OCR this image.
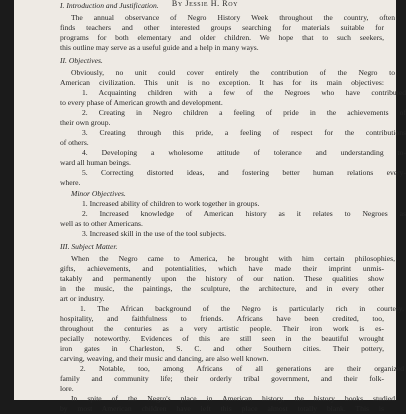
By Jessie H. Roy
I. Introduction and Justification.
The annual observance of Negro History Week throughout the country, often
finds teachers and other interested groups searching for materials suitable for
programs for both elementary and older children. We hope that to such seekers,
this outline may serve as a useful guide and a help in many ways.
II. Objectives.
Obviously, no unit could cover entirely the contribution of the Negro to
American civilization. This unit is no exception. It has for its main objectives:
1. Acquainting children with a few of the Negroes who have contributed
to every phase of American growth and development.
2. Creating in Negro children a feeling of pride in the achievements of
their own group.
3. Creating through this pride, a feeling of respect for the contributions
of others.
4. Developing a wholesome attitude of tolerance and understanding to-
ward all human beings.
5. Correcting distorted ideas, and fostering better human relations every-
where.
Minor Objectives.
1. Increased ability of children to work together in groups.
2. Increased knowledge of American history as it relates to Negroes as
well as to other Americans.
3. Increased skill in the use of the tool subjects.
III. Subject Matter.
When the Negro came to America, he brought with him certain philosophies,
gifts, achievements, and potentialities, which have made their imprint unmis-
takably and permanently upon the history of our nation. These qualities show
in the music, the paintings, the sculpture, the architecture, and in every other
art or industry.
1. The African background of the Negro is particularly rich in courtesy,
hospitality, and faithfulness to friends. Africans have been credited, too,
throughout the centuries as a very artistic people. Their iron work is es-
pecially noteworthy. Evidences of this are still seen in the beautiful wrought
iron gates in Charleston, S. C. and other Southern cities. Their pottery,
carving, weaving, and their music and dancing, are also well known.
2. Notable, too, among Africans of all generations are their organized
family and community life; their orderly tribal government, and their folk-
lore.
In spite of the Negro's place in American history, the history books studied
by most American children have left this place almost totally blank. This is
